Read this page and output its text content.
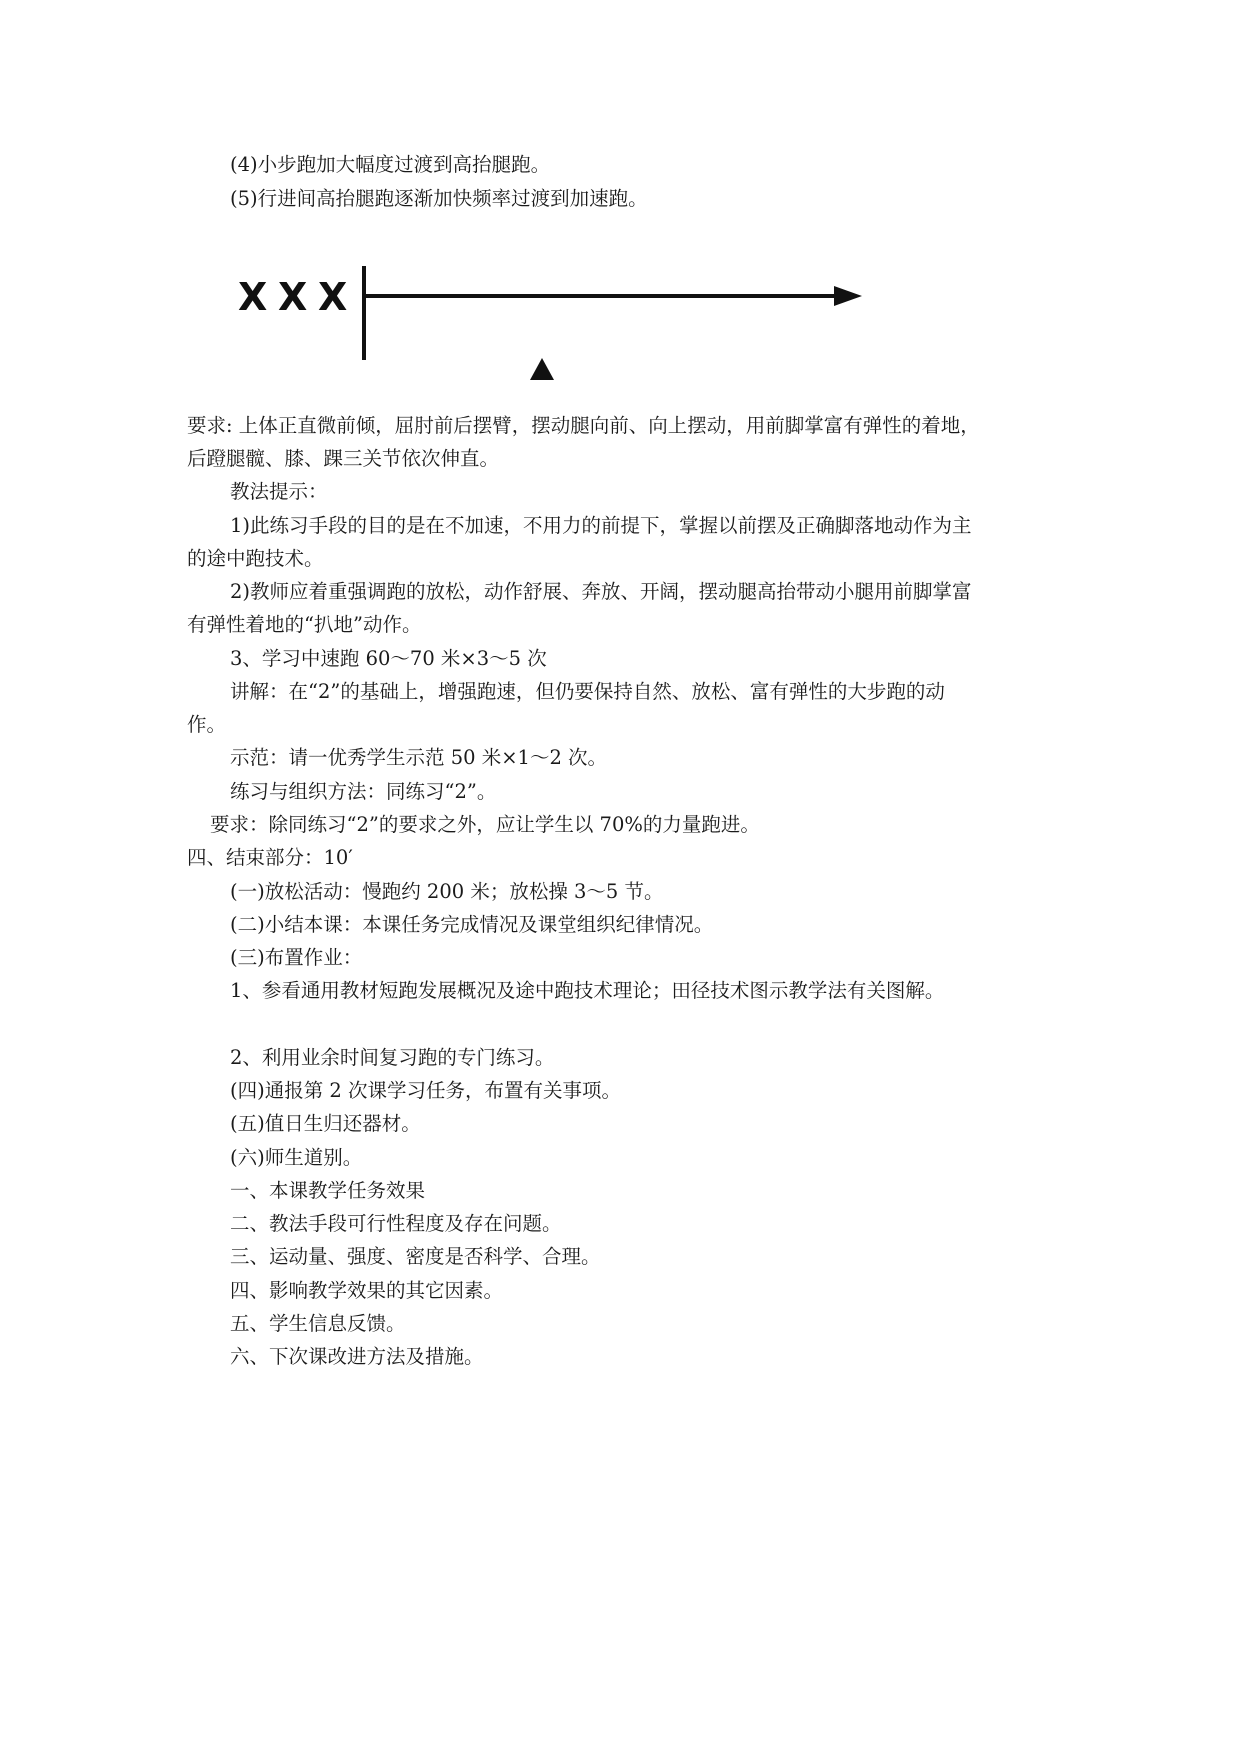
(4)小步跑加大幅度过渡到高抬腿跑。
(5)行进间高抬腿跑逐渐加快频率过渡到加速跑。
X X X
要求: 上体正直微前倾，屈肘前后摆臂，摆动腿向前、向上摆动，用前脚掌富有弹性的着地，
后蹬腿髋、膝、踝三关节依次伸直。
教法提示：
1)此练习手段的目的是在不加速，不用力的前提下，掌握以前摆及正确脚落地动作为主
的途中跑技术。
2)教师应着重强调跑的放松，动作舒展、奔放、开阔，摆动腿高抬带动小腿用前脚掌富
有弹性着地的“扒地”动作。
3、学习中速跑 60～70 米×3～5 次
讲解：在“2”的基础上，增强跑速，但仍要保持自然、放松、富有弹性的大步跑的动
作。
示范：请一优秀学生示范 50 米×1～2 次。
练习与组织方法：同练习“2”。
要求：除同练习“2”的要求之外，应让学生以 70%的力量跑进。
四、结束部分：10′
(一)放松活动：慢跑约 200 米；放松操 3～5 节。
(二)小结本课：本课任务完成情况及课堂组织纪律情况。
(三)布置作业：
1、参看通用教材短跑发展概况及途中跑技术理论；田径技术图示教学法有关图解。
2、利用业余时间复习跑的专门练习。
(四)通报第 2 次课学习任务，布置有关事项。
(五)值日生归还器材。
(六)师生道别。
一、本课教学任务效果
二、教法手段可行性程度及存在问题。
三、运动量、强度、密度是否科学、合理。
四、影响教学效果的其它因素。
五、学生信息反馈。
六、下次课改进方法及措施。
